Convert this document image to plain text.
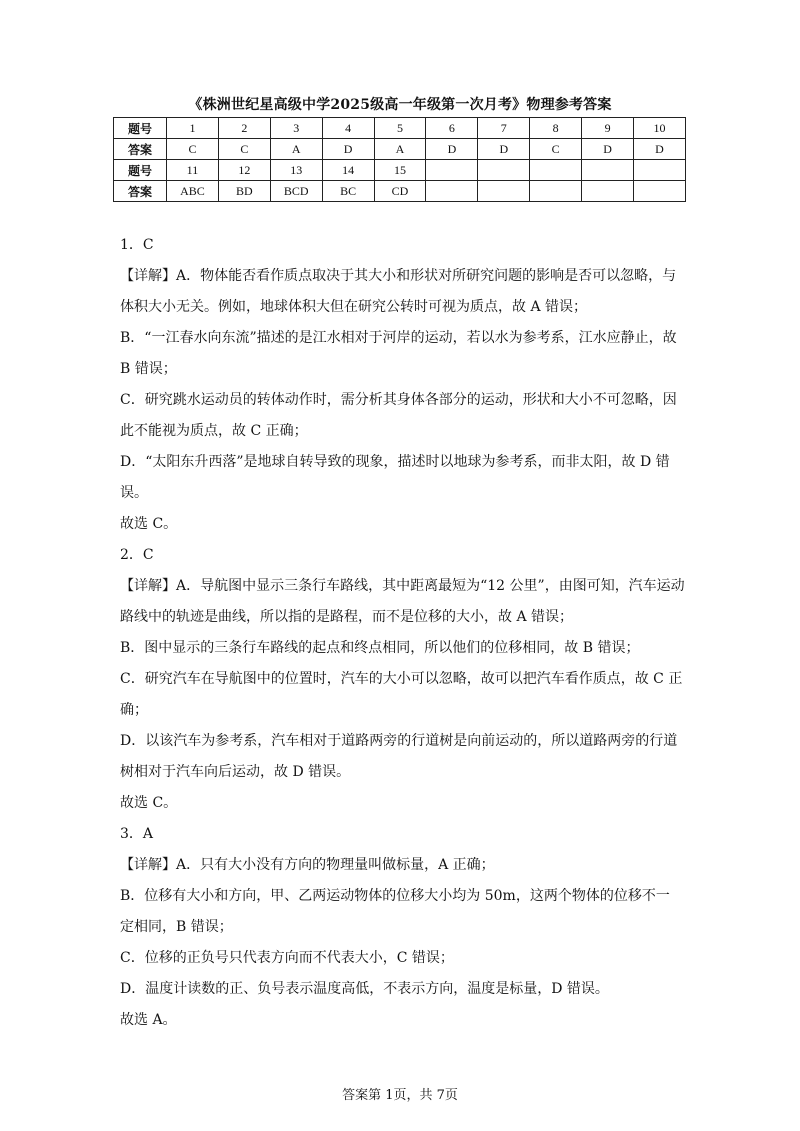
《株洲世纪星高级中学2025级高一年级第一次月考》物理参考答案
题号	1	2	3	4	5	6	7	8	9	10
答案	C	C	A	D	A	D	D	C	D	D
题号	11	12	13	14	15					
答案	ABC	BD	BCD	BC	CD					

1．C

【详解】A．物体能否看作质点取决于其大小和形状对所研究问题的影响是否可以忽略，与

体积大小无关。例如，地球体积大但在研究公转时可视为质点，故 A 错误；

B．“一江春水向东流”描述的是江水相对于河岸的运动，若以水为参考系，江水应静止，故

B 错误；

C．研究跳水运动员的转体动作时，需分析其身体各部分的运动，形状和大小不可忽略，因

此不能视为质点，故 C 正确；

D．“太阳东升西落”是地球自转导致的现象，描述时以地球为参考系，而非太阳，故 D 错误。

故选 C。

2．C

【详解】A．导航图中显示三条行车路线，其中距离最短为“12 公里”，由图可知，汽车运动

路线中的轨迹是曲线，所以指的是路程，而不是位移的大小，故 A 错误；

B．图中显示的三条行车路线的起点和终点相同，所以他们的位移相同，故 B 错误；

C．研究汽车在导航图中的位置时，汽车的大小可以忽略，故可以把汽车看作质点，故 C 正

确；

D．以该汽车为参考系，汽车相对于道路两旁的行道树是向前运动的，所以道路两旁的行道

树相对于汽车向后运动，故 D 错误。

故选 C。

3．A

【详解】A．只有大小没有方向的物理量叫做标量，A 正确；

B．位移有大小和方向，甲、乙两运动物体的位移大小均为 50m，这两个物体的位移不一

定相同，B 错误；

C．位移的正负号只代表方向而不代表大小，C 错误；

D．温度计读数的正、负号表示温度高低，不表示方向，温度是标量，D 错误。

故选 A。

答案第 1页，共 7页
